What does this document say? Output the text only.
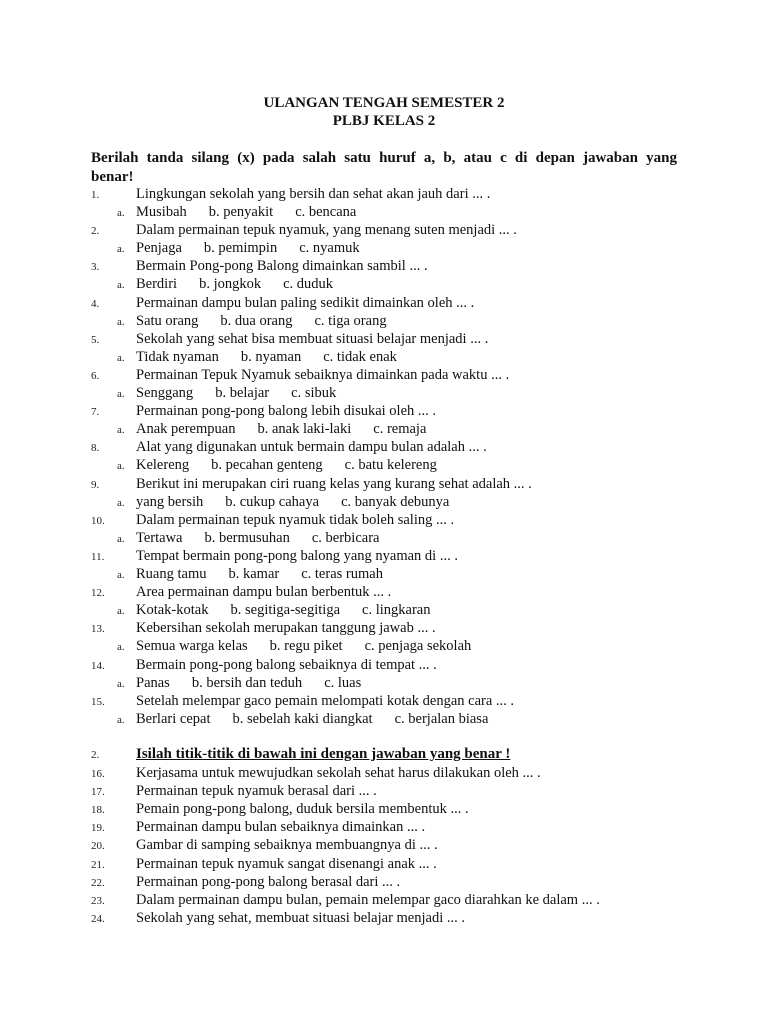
ULANGAN TENGAH SEMESTER 2
PLBJ KELAS 2
Berilah tanda silang (x) pada salah satu huruf a, b, atau c di depan jawaban yang
benar!
1.	Lingkungan sekolah yang bersih dan sehat akan jauh dari ... .
a. Musibah b. penyakit c. bencana
2.	Dalam permainan tepuk nyamuk, yang menang suten menjadi ... .
a. Penjaga b. pemimpin c. nyamuk
3.	Bermain Pong-pong Balong dimainkan sambil ... .
a. Berdiri b. jongkok c. duduk
4.	Permainan dampu bulan paling sedikit dimainkan oleh ... .
a. Satu orang b. dua orang c. tiga orang
5.	Sekolah yang sehat bisa membuat situasi belajar menjadi ... .
a. Tidak nyaman b. nyaman c. tidak enak
6.	Permainan Tepuk Nyamuk sebaiknya dimainkan pada waktu ... .
a. Senggang b. belajar c. sibuk
7.	Permainan pong-pong balong lebih disukai oleh ... .
a. Anak perempuan b. anak laki-laki c. remaja
8.	Alat yang digunakan untuk bermain dampu bulan adalah ... .
a. Kelereng b. pecahan genteng c. batu kelereng
9.	Berikut ini merupakan ciri ruang kelas yang kurang sehat adalah ... .
a. yang bersih b. cukup cahaya c. banyak debunya
10.	Dalam permainan tepuk nyamuk tidak boleh saling ... .
a. Tertawa b. bermusuhan c. berbicara
11.	Tempat bermain pong-pong balong yang nyaman di ... .
a. Ruang tamu b. kamar c. teras rumah
12.	Area permainan dampu bulan berbentuk ... .
a. Kotak-kotak b. segitiga-segitiga c. lingkaran
13.	Kebersihan sekolah merupakan tanggung jawab ... .
a. Semua warga kelas b. regu piket c. penjaga sekolah
14.	Bermain pong-pong balong sebaiknya di tempat ... .
a. Panas b. bersih dan teduh c. luas
15.	Setelah melempar gaco pemain melompati kotak dengan cara ... .
a. Berlari cepat b. sebelah kaki diangkat c. berjalan biasa
2.	Isilah titik-titik di bawah ini dengan jawaban yang benar !
16.	Kerjasama untuk mewujudkan sekolah sehat harus dilakukan oleh ... .
17.	Permainan tepuk nyamuk berasal dari ... .
18.	Pemain pong-pong balong, duduk bersila membentuk ... .
19.	Permainan dampu bulan sebaiknya dimainkan ... .
20.	Gambar di samping sebaiknya membuangnya di ... .
21.	Permainan tepuk nyamuk sangat disenangi anak ... .
22.	Permainan pong-pong balong berasal dari ... .
23.	Dalam permainan dampu bulan, pemain melempar gaco diarahkan ke dalam ... .
24.	Sekolah yang sehat, membuat situasi belajar menjadi ... .
